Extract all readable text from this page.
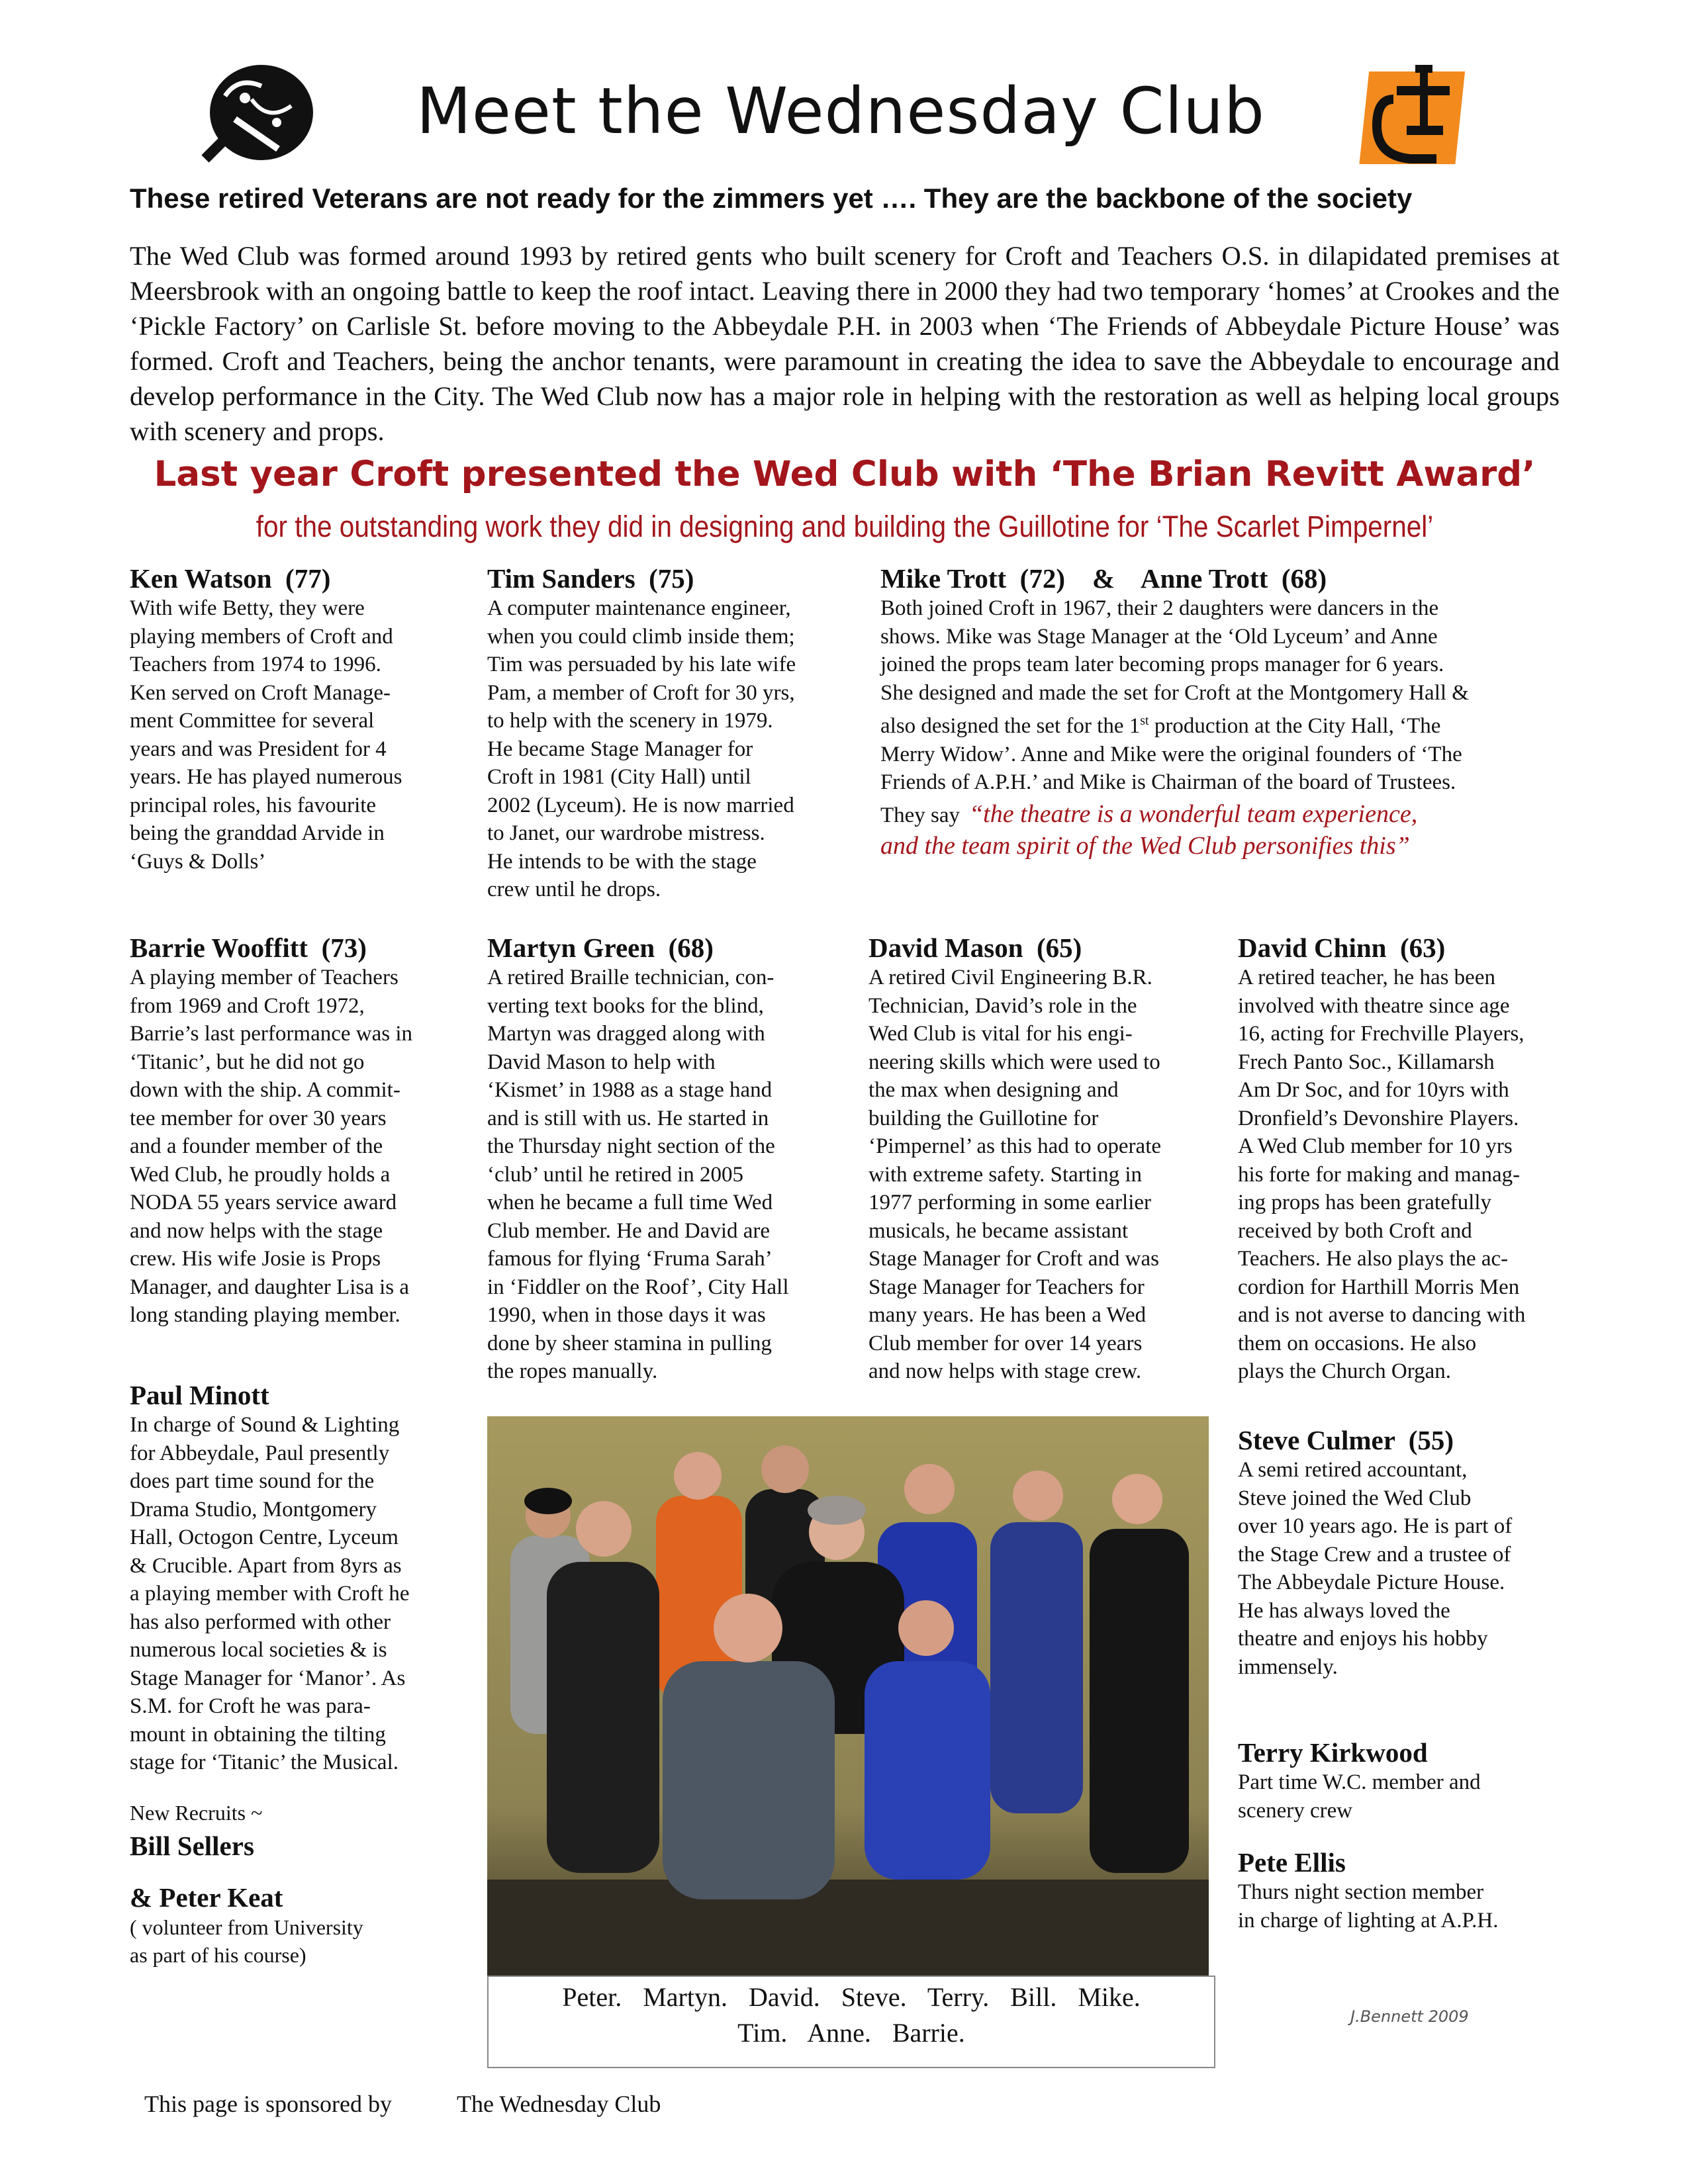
Meet the Wednesday Club
These retired Veterans are not ready for the zimmers yet …. They are the backbone of the society
The Wed Club was formed around 1993 by retired gents who built scenery for Croft and Teachers O.S. in dilapidated premises at Meersbrook with an ongoing battle to keep the roof intact. Leaving there in 2000 they had two temporary ‘homes’ at Crookes and the ‘Pickle Factory’ on Carlisle St. before moving to the Abbeydale P.H. in 2003 when ‘The Friends of Abbeydale Picture House’ was formed. Croft and Teachers, being the anchor tenants, were paramount in creating the idea to save the Abbeydale to encourage and develop performance in the City. The Wed Club now has a major role in helping with the restoration as well as helping local groups with scenery and props.
Last year Croft presented the Wed Club with ‘The Brian Revitt Award’
for the outstanding work they did in designing and building the Guillotine for ‘The Scarlet Pimpernel’
Ken Watson  (77)
With wife Betty, they were
playing members of Croft and
Teachers from 1974 to 1996.
Ken served on Croft Manage-
ment Committee for several
years and was President for 4
years. He has played numerous
principal roles, his favourite
being the granddad Arvide in
‘Guys & Dolls’
Tim Sanders  (75)
A computer maintenance engineer,
when you could climb inside them;
Tim was persuaded by his late wife
Pam, a member of Croft for 30 yrs,
to help with the scenery in 1979.
He became Stage Manager for
Croft in 1981 (City Hall) until
2002 (Lyceum). He is now married
to Janet, our wardrobe mistress.
He intends to be with the stage
crew until he drops.
Mike Trott  (72)    &    Anne Trott  (68)
Both joined Croft in 1967, their 2 daughters were dancers in the
shows. Mike was Stage Manager at the ‘Old Lyceum’ and Anne
joined the props team later becoming props manager for 6 years.
She designed and made the set for Croft at the Montgomery Hall &
also designed the set for the 1st production at the City Hall, ‘The
Merry Widow’. Anne and Mike were the original founders of ‘The
Friends of A.P.H.’ and Mike is Chairman of the board of Trustees.
They say “the theatre is a wonderful team experience,
and the team spirit of the Wed Club personifies this”
Barrie Wooffitt  (73)
A playing member of Teachers
from 1969 and Croft 1972,
Barrie’s last performance was in
‘Titanic’, but he did not go
down with the ship. A commit-
tee member for over 30 years
and a founder member of the
Wed Club, he proudly holds a
NODA 55 years service award
and now helps with the stage
crew. His wife Josie is Props
Manager, and daughter Lisa is a
long standing playing member.
Martyn Green  (68)
A retired Braille technician, con-
verting text books for the blind,
Martyn was dragged along with
David Mason to help with
‘Kismet’ in 1988 as a stage hand
and is still with us. He started in
the Thursday night section of the
‘club’ until he retired in 2005
when he became a full time Wed
Club member. He and David are
famous for flying ‘Fruma Sarah’
in ‘Fiddler on the Roof’, City Hall
1990, when in those days it was
done by sheer stamina in pulling
the ropes manually.
David Mason  (65)
A retired Civil Engineering B.R.
Technician, David’s role in the
Wed Club is vital for his engi-
neering skills which were used to
the max when designing and
building the Guillotine for
‘Pimpernel’ as this had to operate
with extreme safety. Starting in
1977 performing in some earlier
musicals, he became assistant
Stage Manager for Croft and was
Stage Manager for Teachers for
many years. He has been a Wed
Club member for over 14 years
and now helps with stage crew.
David Chinn  (63)
A retired teacher, he has been
involved with theatre since age
16, acting for Frechville Players,
Frech Panto Soc., Killamarsh
Am Dr Soc, and for 10yrs with
Dronfield’s Devonshire Players.
A Wed Club member for 10 yrs
his forte for making and manag-
ing props has been gratefully
received by both Croft and
Teachers. He also plays the ac-
cordion for Harthill Morris Men
and is not averse to dancing with
them on occasions. He also
plays the Church Organ.
Paul Minott
In charge of Sound & Lighting
for Abbeydale, Paul presently
does part time sound for the
Drama Studio, Montgomery
Hall, Octogon Centre, Lyceum
& Crucible. Apart from 8yrs as
a playing member with Croft he
has also performed with other
numerous local societies & is
Stage Manager for ‘Manor’. As
S.M. for Croft he was para-
mount in obtaining the tilting
stage for ‘Titanic’ the Musical.
New Recruits ~
Bill Sellers
& Peter Keat
( volunteer from University
as part of his course)
Steve Culmer  (55)
A semi retired accountant,
Steve joined the Wed Club
over 10 years ago. He is part of
the Stage Crew and a trustee of
The Abbeydale Picture House.
He has always loved the
theatre and enjoys his hobby
immensely.
Terry Kirkwood
Part time W.C. member and
scenery crew
Pete Ellis
Thurs night section member
in charge of lighting at A.P.H.
Peter. Martyn. David. Steve. Terry. Bill. Mike.
Tim. Anne. Barrie.
J.Bennett 2009
This page is sponsored by	The Wednesday Club
